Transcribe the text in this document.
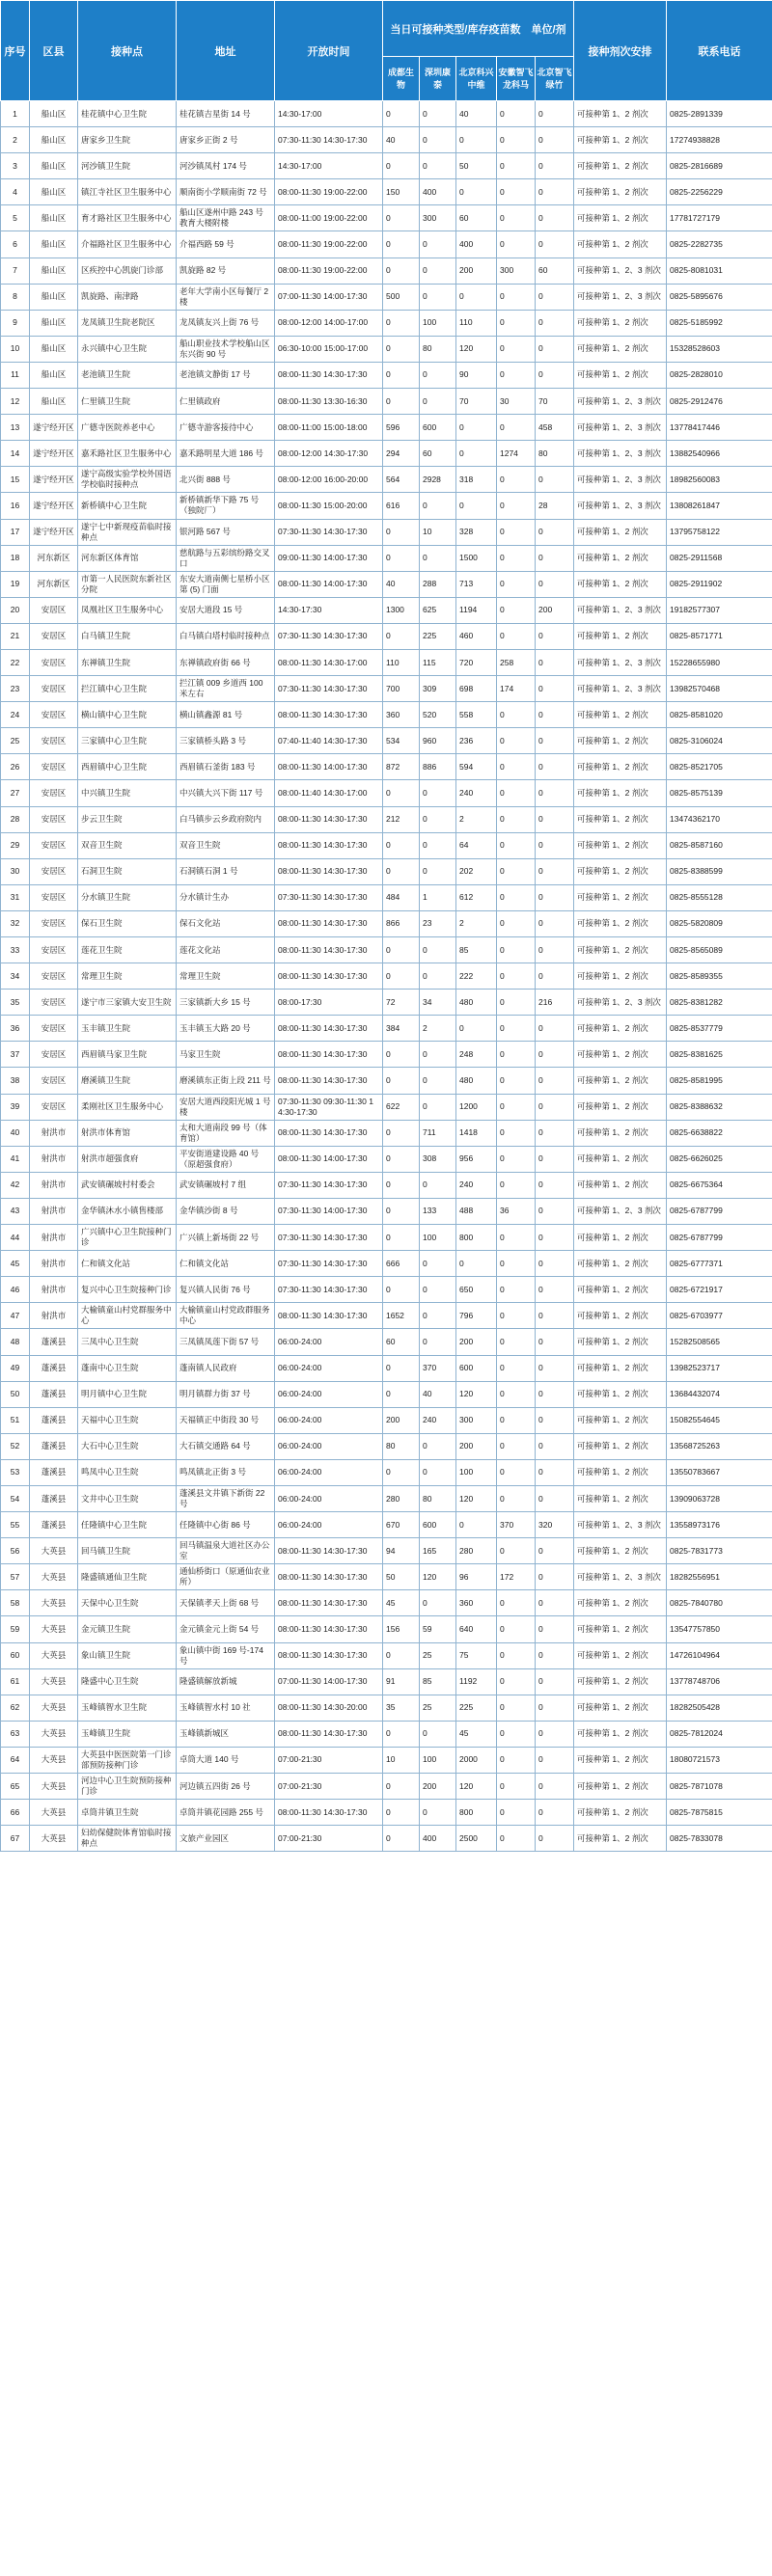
序号	区县	接种点	地址	开放时间	当日可接种类型/库存疫苗数　单位/剂					接种剂次安排	联系电话
					成都生物	深圳康泰	北京科兴中维	安徽智飞龙科马	北京智飞绿竹		
1	船山区	桂花镇中心卫生院	桂花镇吉星街 14 号	14:30-17:00	0	0	40	0	0	可接种第 1、2 剂次	0825-2891339
2	船山区	唐家乡卫生院	唐家乡正街 2 号	07:30-11:30 14:30-17:30	40	0	0	0	0	可接种第 1、2 剂次	17274938828
3	船山区	河沙镇卫生院	河沙镇凤村 174 号	14:30-17:00	0	0	50	0	0	可接种第 1、2 剂次	0825-2816689
4	船山区	镇江寺社区卫生服务中心	顺南街小学顺南街 72 号	08:00-11:30 19:00-22:00	150	400	0	0	0	可接种第 1、2 剂次	0825-2256229
5	船山区	育才路社区卫生服务中心	船山区遂州中路 243 号教育大楼附楼	08:00-11:00 19:00-22:00	0	300	60	0	0	可接种第 1、2 剂次	17781727179
6	船山区	介福路社区卫生服务中心	介福西路 59 号	08:00-11:30 19:00-22:00	0	0	400	0	0	可接种第 1、2 剂次	0825-2282735
7	船山区	区疾控中心凯旋门诊部	凯旋路 82 号	08:00-11:30 19:00-22:00	0	0	200	300	60	可接种第 1、2、3 剂次	0825-8081031
8	船山区	凯旋路、南津路	老年大学南小区每餐厅 2 楼	07:00-11:30 14:00-17:30	500	0	0	0	0	可接种第 1、2、3 剂次	0825-5895676
9	船山区	龙凤镇卫生院老院区	龙凤镇友兴上街 76 号	08:00-12:00 14:00-17:00	0	100	110	0	0	可接种第 1、2 剂次	0825-5185992
10	船山区	永兴镇中心卫生院	船山职业技术学校船山区东兴街 90 号	06:30-10:00 15:00-17:00	0	80	120	0	0	可接种第 1、2 剂次	15328528603
11	船山区	老池镇卫生院	老池镇文静街 17 号	08:00-11:30 14:30-17:30	0	0	90	0	0	可接种第 1、2 剂次	0825-2828010
12	船山区	仁里镇卫生院	仁里镇政府	08:00-11:30 13:30-16:30	0	0	70	30	70	可接种第 1、2、3 剂次	0825-2912476
13	遂宁经开区	广德寺医院养老中心	广德寺游客接待中心	08:00-11:00 15:00-18:00	596	600	0	0	458	可接种第 1、2、3 剂次	13778417446
14	遂宁经开区	嘉禾路社区卫生服务中心	嘉禾路明星大道 186 号	08:00-12:00 14:30-17:30	294	60	0	1274	80	可接种第 1、2、3 剂次	13882540966
15	遂宁经开区	遂宁高级实验学校外国语学校临时接种点	北兴街 888 号	08:00-12:00 16:00-20:00	564	2928	318	0	0	可接种第 1、2、3 剂次	18982560083
16	遂宁经开区	新桥镇中心卫生院	新桥镇新华下路 75 号（独院厂）	08:00-11:30 15:00-20:00	616	0	0	0	28	可接种第 1、2、3 剂次	13808261847
17	遂宁经开区	遂宁七中新现疫苗临时接种点	银河路 567 号	07:30-11:30 14:30-17:30	0	10	328	0	0	可接种第 1、2 剂次	13795758122
18	河东新区	河东新区体育馆	慈航路与五彩缤纷路交叉口	09:00-11:30 14:00-17:30	0	0	1500	0	0	可接种第 1、2 剂次	0825-2911568
19	河东新区	市第一人民医院东新社区分院	东安大道南侧七星桥小区第 (5) 门面	08:00-11:30 14:00-17:30	40	288	713	0	0	可接种第 1、2 剂次	0825-2911902
20	安居区	凤凰社区卫生服务中心	安居大道段 15 号	14:30-17:30	1300	625	1194	0	200	可接种第 1、2、3 剂次	19182577307
21	安居区	白马镇卫生院	白马镇白塔村临时接种点	07:30-11:30 14:30-17:30	0	225	460	0	0	可接种第 1、2 剂次	0825-8571771
22	安居区	东禅镇卫生院	东禅镇政府街 66 号	08:00-11:30 14:30-17:00	110	115	720	258	0	可接种第 1、2、3 剂次	15228655980
23	安居区	拦江镇中心卫生院	拦江镇 009 乡道西 100 米左右	07:30-11:30 14:30-17:30	700	309	698	174	0	可接种第 1、2、3 剂次	13982570468
24	安居区	横山镇中心卫生院	横山镇鑫源 81 号	08:00-11:30 14:30-17:30	360	520	558	0	0	可接种第 1、2 剂次	0825-8581020
25	安居区	三家镇中心卫生院	三家镇桥头路 3 号	07:40-11:40 14:30-17:30	534	960	236	0	0	可接种第 1、2 剂次	0825-3106024
26	安居区	西眉镇中心卫生院	西眉镇石釜街 183 号	08:00-11:30 14:00-17:30	872	886	594	0	0	可接种第 1、2 剂次	0825-8521705
27	安居区	中兴镇卫生院	中兴镇大兴下街 117 号	08:00-11:40 14:30-17:00	0	0	240	0	0	可接种第 1、2 剂次	0825-8575139
28	安居区	步云卫生院	白马镇步云乡政府院内	08:00-11:30 14:30-17:30	212	0	2	0	0	可接种第 1、2 剂次	13474362170
29	安居区	双音卫生院	双音卫生院	08:00-11:30 14:30-17:30	0	0	64	0	0	可接种第 1、2 剂次	0825-8587160
30	安居区	石洞卫生院	石洞镇石洞 1 号	08:00-11:30 14:30-17:30	0	0	202	0	0	可接种第 1、2 剂次	0825-8388599
31	安居区	分水镇卫生院	分水镇计生办	07:30-11:30 14:30-17:30	484	1	612	0	0	可接种第 1、2 剂次	0825-8555128
32	安居区	保石卫生院	保石文化站	08:00-11:30 14:30-17:30	866	23	2	0	0	可接种第 1、2 剂次	0825-5820809
33	安居区	莲花卫生院	莲花文化站	08:00-11:30 14:30-17:30	0	0	85	0	0	可接种第 1、2 剂次	0825-8565089
34	安居区	常理卫生院	常理卫生院	08:00-11:30 14:30-17:30	0	0	222	0	0	可接种第 1、2 剂次	0825-8589355
35	安居区	遂宁市三家镇大安卫生院	三家镇新大乡 15 号	08:00-17:30	72	34	480	0	216	可接种第 1、2、3 剂次	0825-8381282
36	安居区	玉丰镇卫生院	玉丰镇玉大路 20 号	08:00-11:30 14:30-17:30	384	2	0	0	0	可接种第 1、2 剂次	0825-8537779
37	安居区	西眉镇马家卫生院	马家卫生院	08:00-11:30 14:30-17:30	0	0	248	0	0	可接种第 1、2 剂次	0825-8381625
38	安居区	磨溪镇卫生院	磨溪镇东正街上段 211 号	08:00-11:30 14:30-17:30	0	0	480	0	0	可接种第 1、2 剂次	0825-8581995
39	安居区	柔刚社区卫生服务中心	安居大道西段阳光城 1 号楼	07:30-11:30 09:30-11:30 14:30-17:30	622	0	1200	0	0	可接种第 1、2 剂次	0825-8388632
40	射洪市	射洪市体育馆	太和大道南段 99 号（体育馆）	08:00-11:30 14:30-17:30	0	711	1418	0	0	可接种第 1、2 剂次	0825-6638822
41	射洪市	射洪市超强食府	平安街道建设路 40 号（原超强食府）	08:00-11:30 14:00-17:30	0	308	956	0	0	可接种第 1、2 剂次	0825-6626025
42	射洪市	武安镇碾坡村村委会	武安镇碾坡村 7 组	07:30-11:30 14:30-17:30	0	0	240	0	0	可接种第 1、2 剂次	0825-6675364
43	射洪市	金华镇沐水小镇售楼部	金华镇沙街 8 号	07:30-11:30 14:00-17:30	0	133	488	36	0	可接种第 1、2、3 剂次	0825-6787799
44	射洪市	广兴镇中心卫生院接种门诊	广兴镇上新场街 22 号	07:30-11:30 14:30-17:30	0	100	800	0	0	可接种第 1、2 剂次	0825-6787799
45	射洪市	仁和镇文化站	仁和镇文化站	07:30-11:30 14:30-17:30	666	0	0	0	0	可接种第 1、2 剂次	0825-6777371
46	射洪市	复兴中心卫生院接种门诊	复兴镇人民街 76 号	07:30-11:30 14:30-17:30	0	0	650	0	0	可接种第 1、2 剂次	0825-6721917
47	射洪市	大榆镇童山村党群服务中心	大榆镇童山村党政群服务中心	08:00-11:30 14:30-17:30	1652	0	796	0	0	可接种第 1、2 剂次	0825-6703977
48	蓬溪县	三凤中心卫生院	三凤镇凤莲下街 57 号	06:00-24:00	60	0	200	0	0	可接种第 1、2 剂次	15282508565
49	蓬溪县	蓬南中心卫生院	蓬南镇人民政府	06:00-24:00	0	370	600	0	0	可接种第 1、2 剂次	13982523717
50	蓬溪县	明月镇中心卫生院	明月镇群力街 37 号	06:00-24:00	0	40	120	0	0	可接种第 1、2 剂次	13684432074
51	蓬溪县	天福中心卫生院	天福镇正中街段 30 号	06:00-24:00	200	240	300	0	0	可接种第 1、2 剂次	15082554645
52	蓬溪县	大石中心卫生院	大石镇交通路 64 号	06:00-24:00	80	0	200	0	0	可接种第 1、2 剂次	13568725263
53	蓬溪县	鸣凤中心卫生院	鸣凤镇北正街 3 号	06:00-24:00	0	0	100	0	0	可接种第 1、2 剂次	13550783667
54	蓬溪县	文井中心卫生院	蓬溪县文井镇下新街 22 号	06:00-24:00	280	80	120	0	0	可接种第 1、2 剂次	13909063728
55	蓬溪县	任隆镇中心卫生院	任隆镇中心街 86 号	06:00-24:00	670	600	0	370	320	可接种第 1、2、3 剂次	13558973176
56	大英县	回马镇卫生院	回马镇温泉大道社区办公室	08:00-11:30 14:30-17:30	94	165	280	0	0	可接种第 1、2 剂次	0825-7831773
57	大英县	隆盛镇通仙卫生院	通仙桥街口（原通仙农业所）	08:00-11:30 14:30-17:30	50	120	96	172	0	可接种第 1、2、3 剂次	18282556951
58	大英县	天保中心卫生院	天保镇孝天上街 68 号	08:00-11:30 14:30-17:30	45	0	360	0	0	可接种第 1、2 剂次	0825-7840780
59	大英县	金元镇卫生院	金元镇金元上街 54 号	08:00-11:30 14:30-17:30	156	59	640	0	0	可接种第 1、2 剂次	13547757850
60	大英县	象山镇卫生院	象山镇中街 169 号-174 号	08:00-11:30 14:30-17:30	0	25	75	0	0	可接种第 1、2 剂次	14726104964
61	大英县	隆盛中心卫生院	隆盛镇解放新城	07:00-11:30 14:00-17:30	91	85	1192	0	0	可接种第 1、2 剂次	13778748706
62	大英县	玉峰镇智水卫生院	玉峰镇智水村 10 社	08:00-11:30 14:30-20:00	35	25	225	0	0	可接种第 1、2 剂次	18282505428
63	大英县	玉峰镇卫生院	玉峰镇新城区	08:00-11:30 14:30-17:30	0	0	45	0	0	可接种第 1、2 剂次	0825-7812024
64	大英县	大英县中医医院第一门诊部预防接种门诊	卓筒大道 140 号	07:00-21:30	10	100	2000	0	0	可接种第 1、2 剂次	18080721573
65	大英县	河边中心卫生院预防接种门诊	河边镇五四街 26 号	07:00-21:30	0	200	120	0	0	可接种第 1、2 剂次	0825-7871078
66	大英县	卓筒井镇卫生院	卓筒井镇花园路 255 号	08:00-11:30 14:30-17:30	0	0	800	0	0	可接种第 1、2 剂次	0825-7875815
67	大英县	妇幼保健院体育馆临时接种点	文旅产业园区	07:00-21:30	0	400	2500	0	0	可接种第 1、2 剂次	0825-7833078
